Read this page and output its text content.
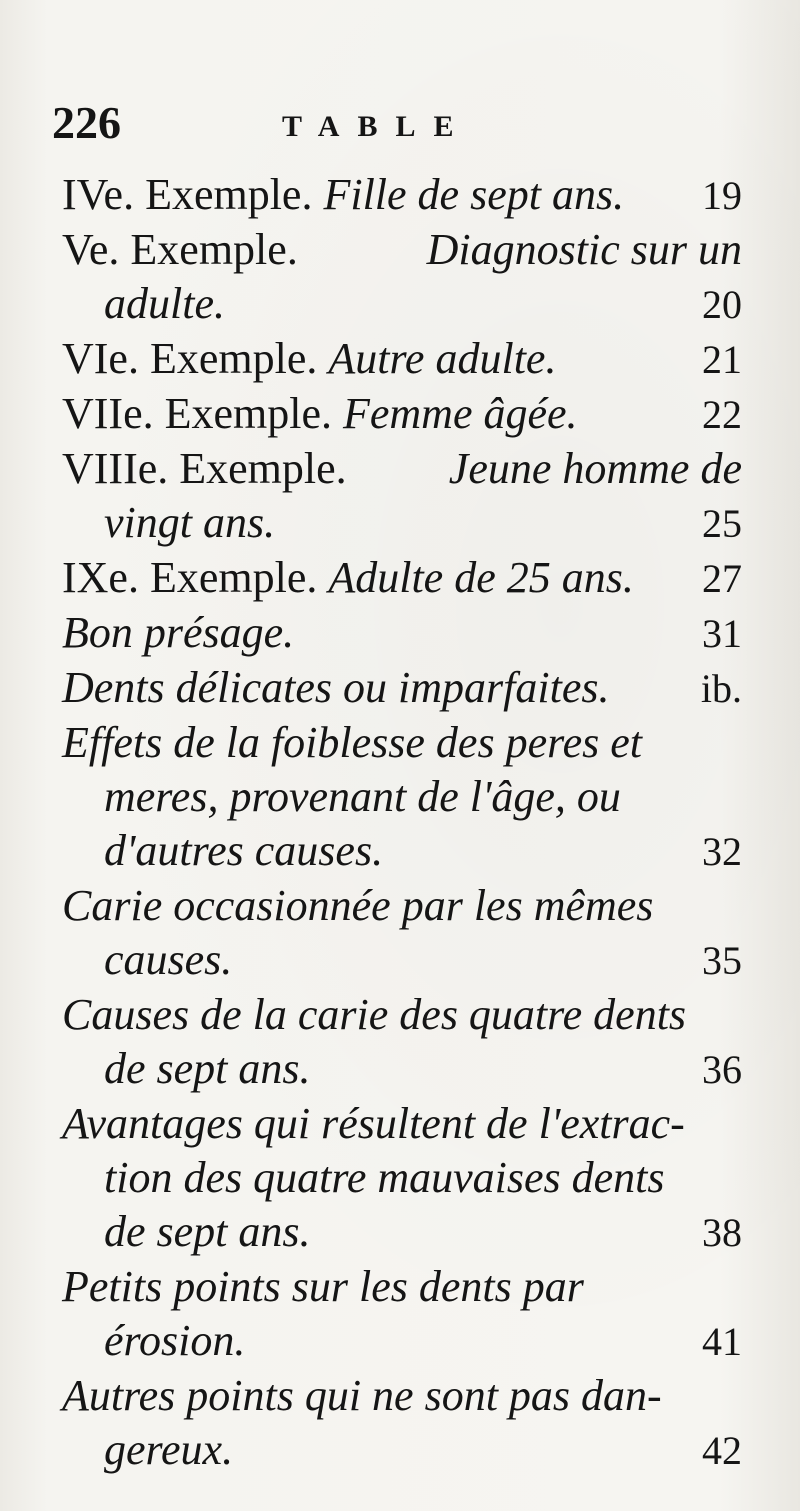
226	TABLE
IVe. Exemple. Fille de sept ans. 19
Ve. Exemple.	Diagnostic sur un
adulte.	20
VIe. Exemple. Autre adulte.	21
VIIe. Exemple. Femme âgée.	22
VIIIe. Exemple. Jeune homme de
vingt ans.	25
IXe. Exemple. Adulte de 25 ans. 27
Bon présage.	31
Dents délicates ou imparfaites. ib.
Effets de la foiblesse des peres et
meres, provenant de l'âge, ou
d'autres causes.	32
Carie occasionnée par les mêmes
causes.	35
Causes de la carie des quatre dents
de sept ans.	36
Avantages qui résultent de l'extrac-
tion des quatre mauvaises dents
de sept ans.	38
Petits points sur les dents par
érosion.	41
Autres points qui ne sont pas dan-
gereux.	42
